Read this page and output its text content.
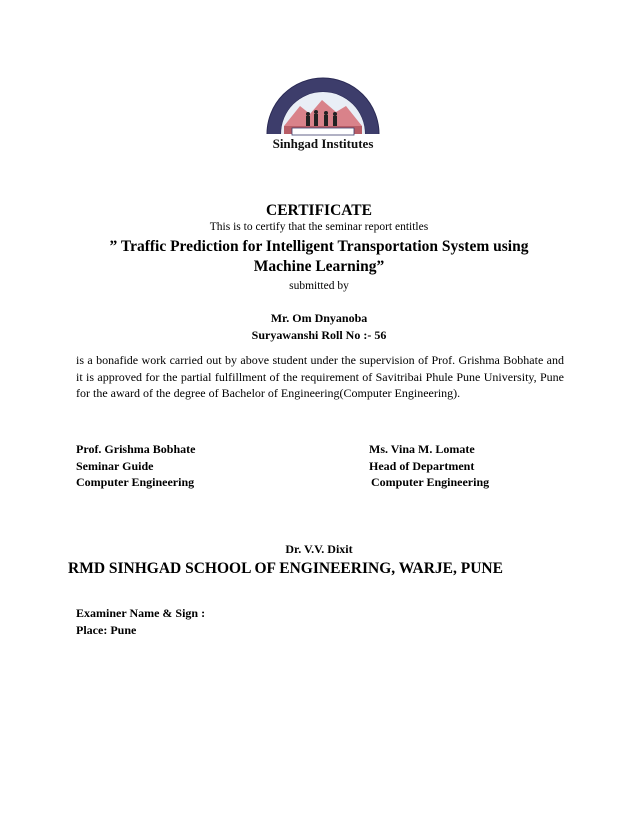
Sinhgad Institutes
CERTIFICATE
This is to certify that the seminar report entitles
” Traffic Prediction for Intelligent Transportation System using
Machine Learning”
submitted by
Mr. Om Dnyanoba
Suryawanshi Roll No :- 56
is a bonafide work carried out by above student under the supervision of Prof. Grishma Bobhate and it is approved for the partial fulfillment of the requirement of Savitribai Phule Pune University, Pune for the award of the degree of Bachelor of Engineering(Computer Engineering).
Prof. Grishma Bobhate
Seminar Guide
Computer Engineering
Ms. Vina M. Lomate
Head of Department
Computer Engineering
Dr. V.V. Dixit
RMD SINHGAD SCHOOL OF ENGINEERING, WARJE, PUNE
Examiner Name & Sign :
Place: Pune
